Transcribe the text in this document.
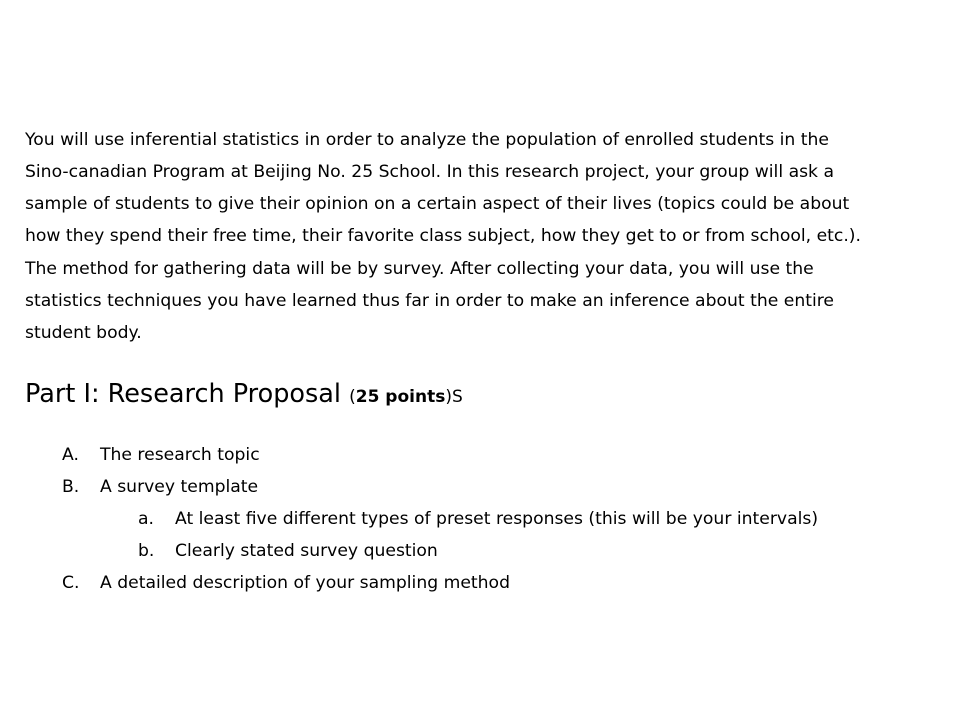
You will use inferential statistics in order to analyze the population of enrolled students in the
Sino-canadian Program at Beijing No. 25 School. In this research project, your group will ask a
sample of students to give their opinion on a certain aspect of their lives (topics could be about
how they spend their free time, their favorite class subject, how they get to or from school, etc.).
The method for gathering data will be by survey. After collecting your data, you will use the
statistics techniques you have learned thus far in order to make an inference about the entire
student body.
Part I: Research Proposal (25 points)S
A. The research topic
B. A survey template
a. At least five different types of preset responses (this will be your intervals)
b. Clearly stated survey question
C. A detailed description of your sampling method
